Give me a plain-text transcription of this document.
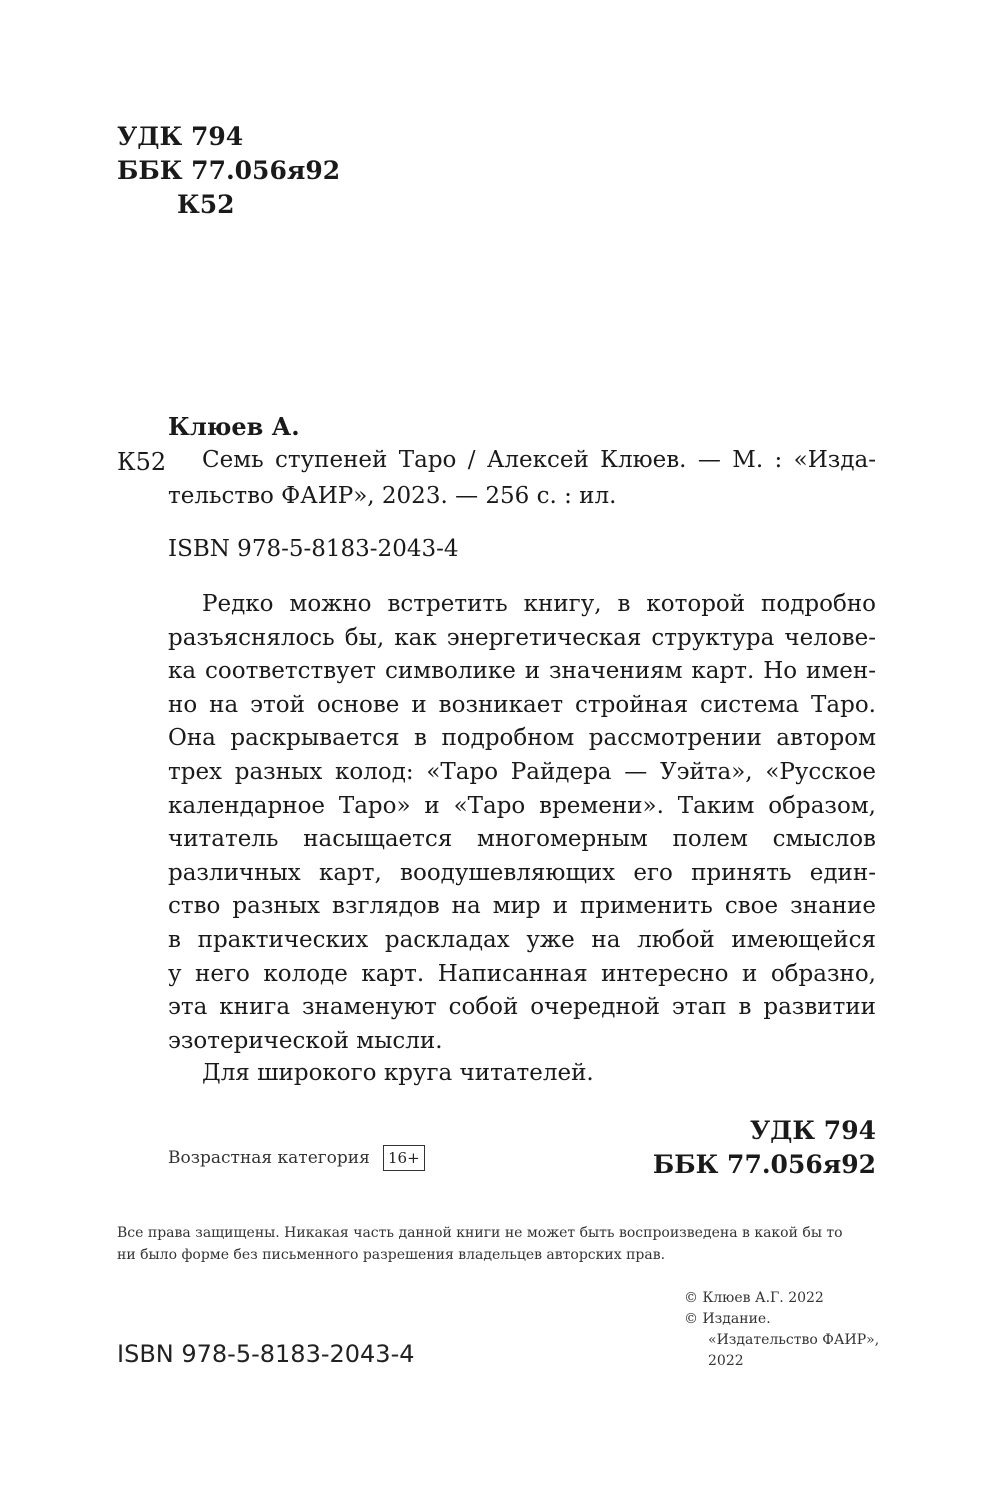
УДК 794
ББК 77.056я92
К52
Клюев А.
К52	Семь ступеней Таро / Алексей Клюев. — М. : «Изда-
тельство ФАИР», 2023. — 256 с. : ил.
ISBN 978-5-8183-2043-4
Редко можно встретить книгу, в которой подробно
разъяснялось бы, как энергетическая структура челове-
ка соответствует символике и значениям карт. Но имен-
но на этой основе и возникает стройная система Таро.
Она раскрывается в подробном рассмотрении автором
трех разных колод: «Таро Райдера — Уэйта», «Русское
календарное Таро» и «Таро времени». Таким образом,
читатель насыщается многомерным полем смыслов
различных карт, воодушевляющих его принять един-
ство разных взглядов на мир и применить свое знание
в практических раскладах уже на любой имеющейся
у него колоде карт. Написанная интересно и образно,
эта книга знаменуют собой очередной этап в развитии
эзотерической мысли.
Для широкого круга читателей.
УДК 794
ББК 77.056я92
Возрастная категория	16+
Все права защищены. Никакая часть данной книги не может быть воспроизведена в какой бы то
ни было форме без письменного разрешения владельцев авторских прав.
© Клюев А.Г. 2022
© Издание.
«Издательство ФАИР»,
2022
ISBN 978-5-8183-2043-4
